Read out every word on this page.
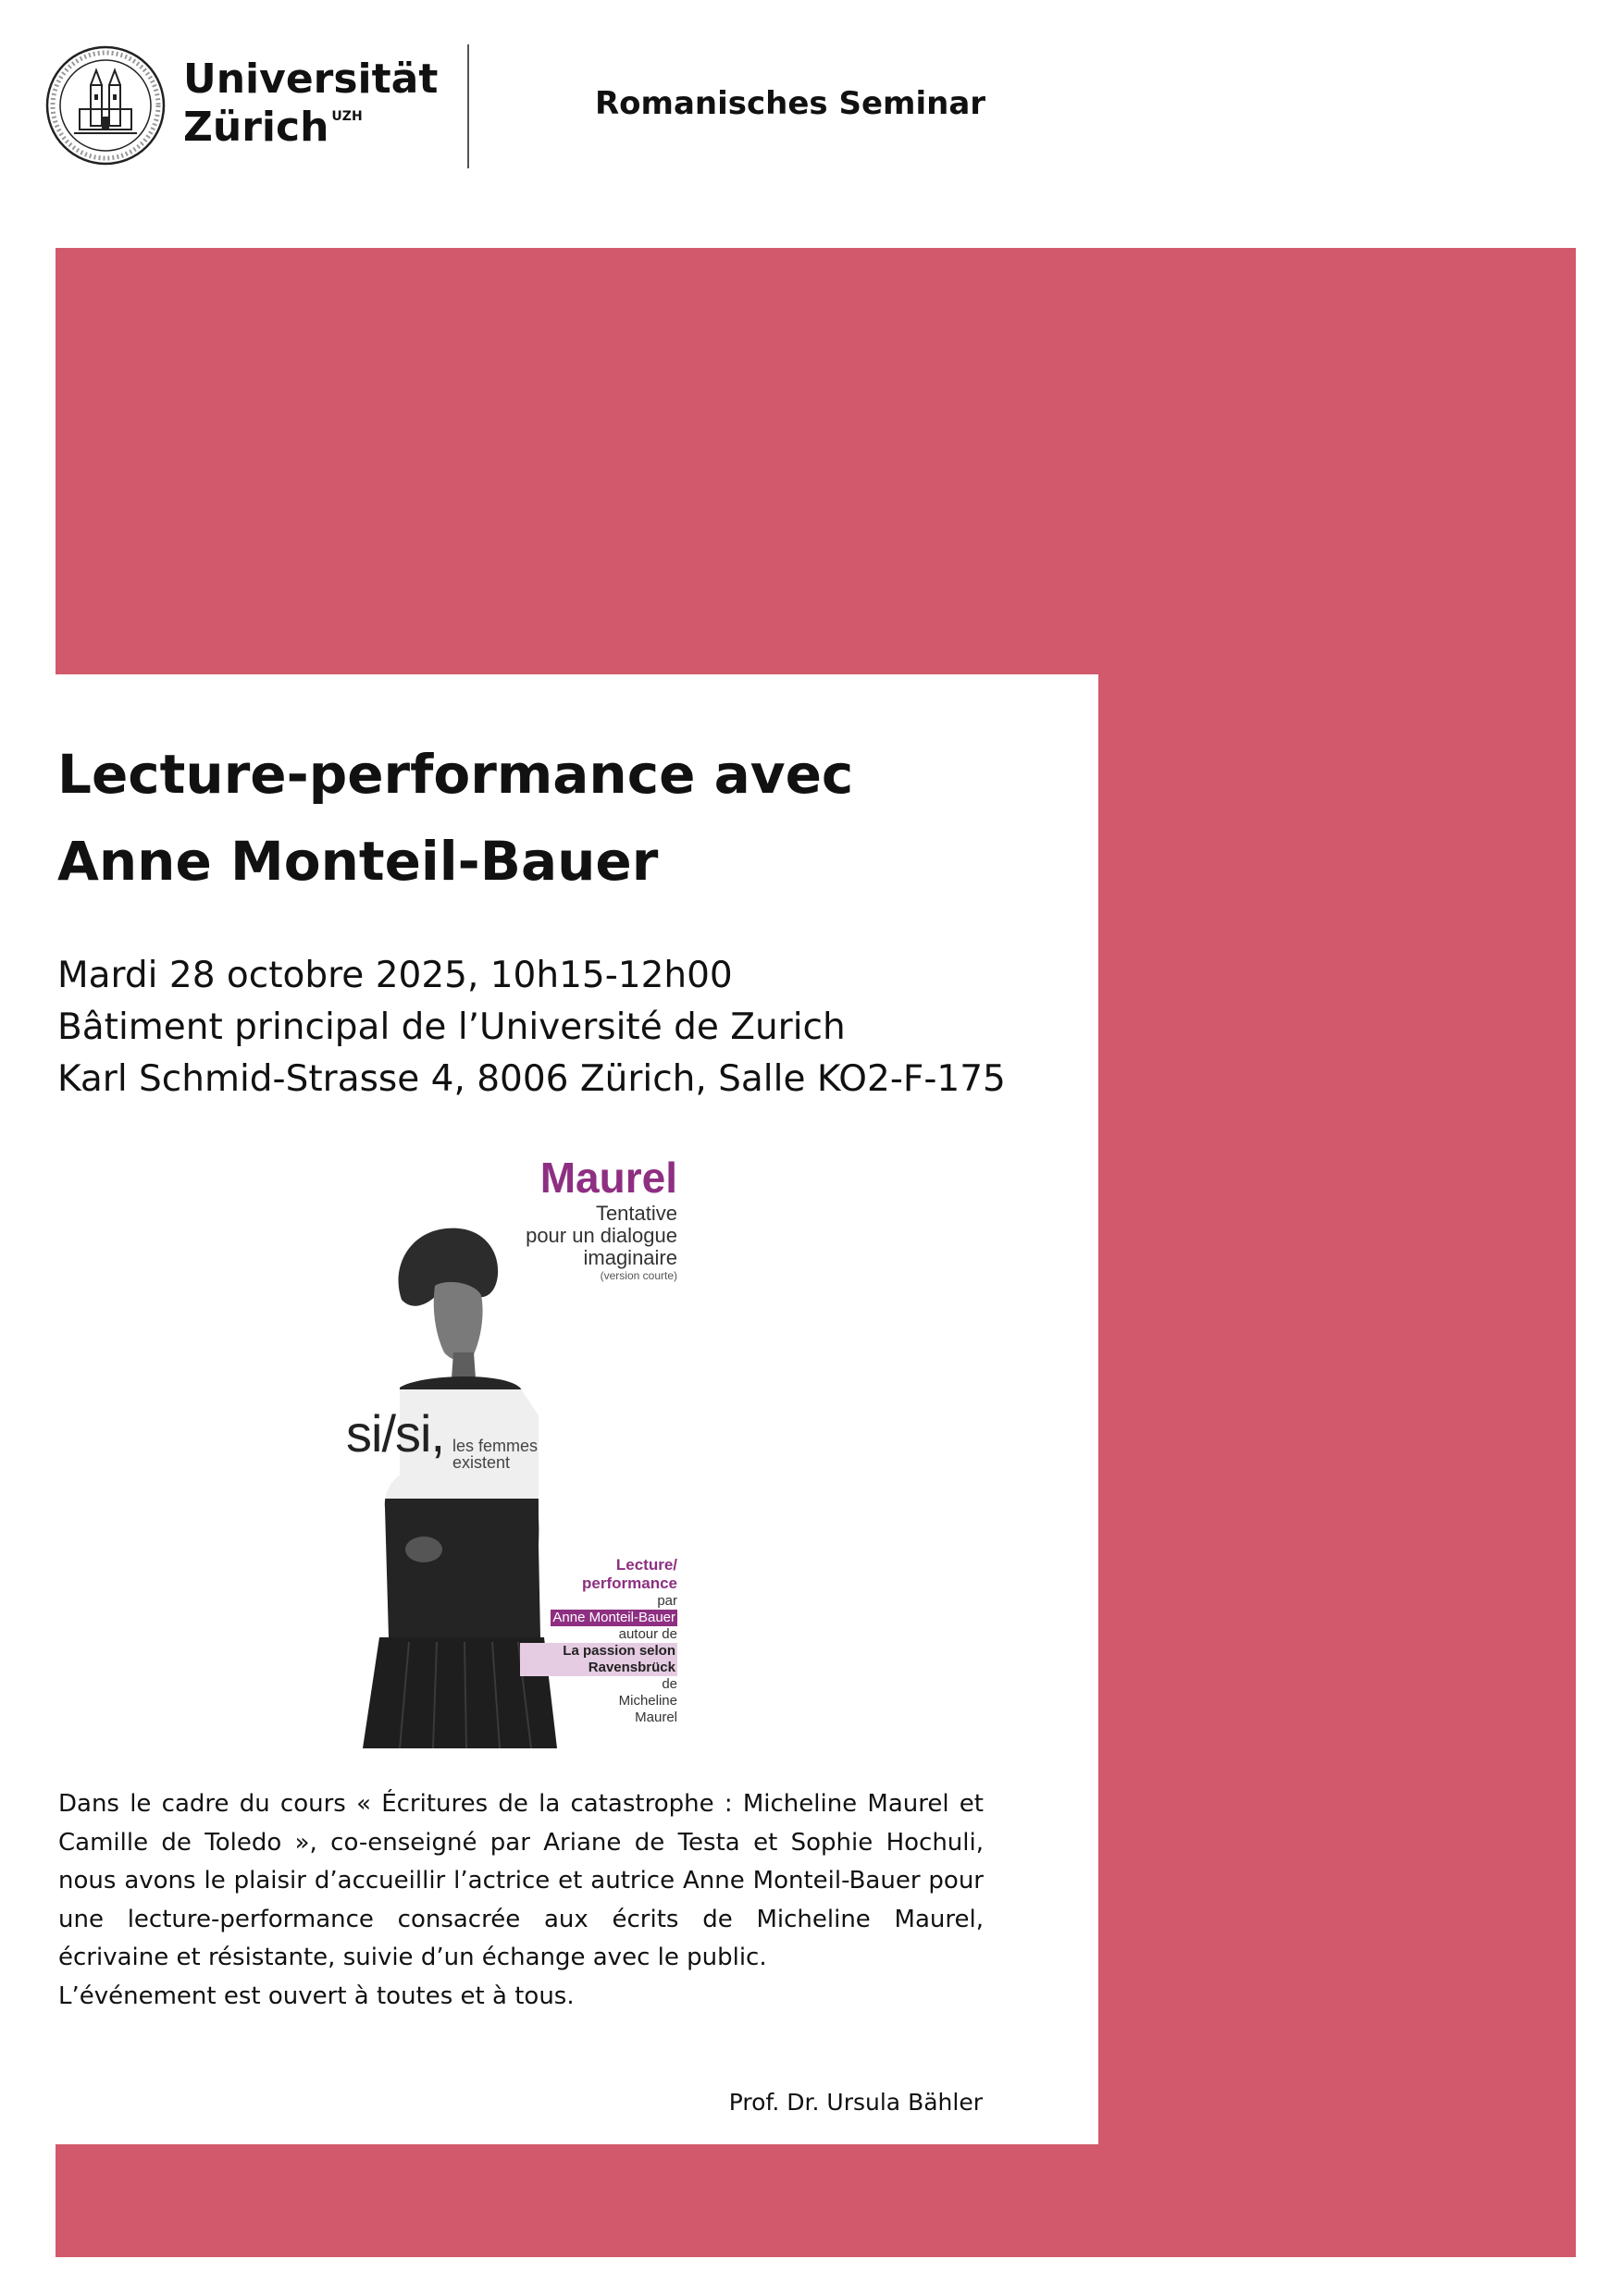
Universität
Zürich $^{UZH}$	Romanisches Seminar
Lecture-performance avec
Anne Monteil-Bauer
Mardi 28 octobre 2025, 10h15-12h00
Bâtiment principal de l’Université de Zurich
Karl Schmid-Strasse 4, 8006 Zürich, Salle KO2-F-175
Maurel
Tentative
pour un dialogue
imaginaire
(version courte)
si/si, les femmes
existent
Lecture/
performance
par
Anne Monteil-Bauer
autour de
La passion selon Ravensbrück
de
Micheline
Maurel

Dans le cadre du cours « Écritures de la catastrophe : Micheline Maurel et Camille de Toledo », co-enseigné par Ariane de Testa et Sophie Hochuli, nous avons le plaisir d’accueillir l’actrice et autrice Anne Monteil-Bauer pour une lecture-performance consacrée aux écrits de Micheline Maurel, écrivaine et résistante, suivie d’un échange avec le public.

L’événement est ouvert à toutes et à tous.

Prof. Dr. Ursula Bähler
